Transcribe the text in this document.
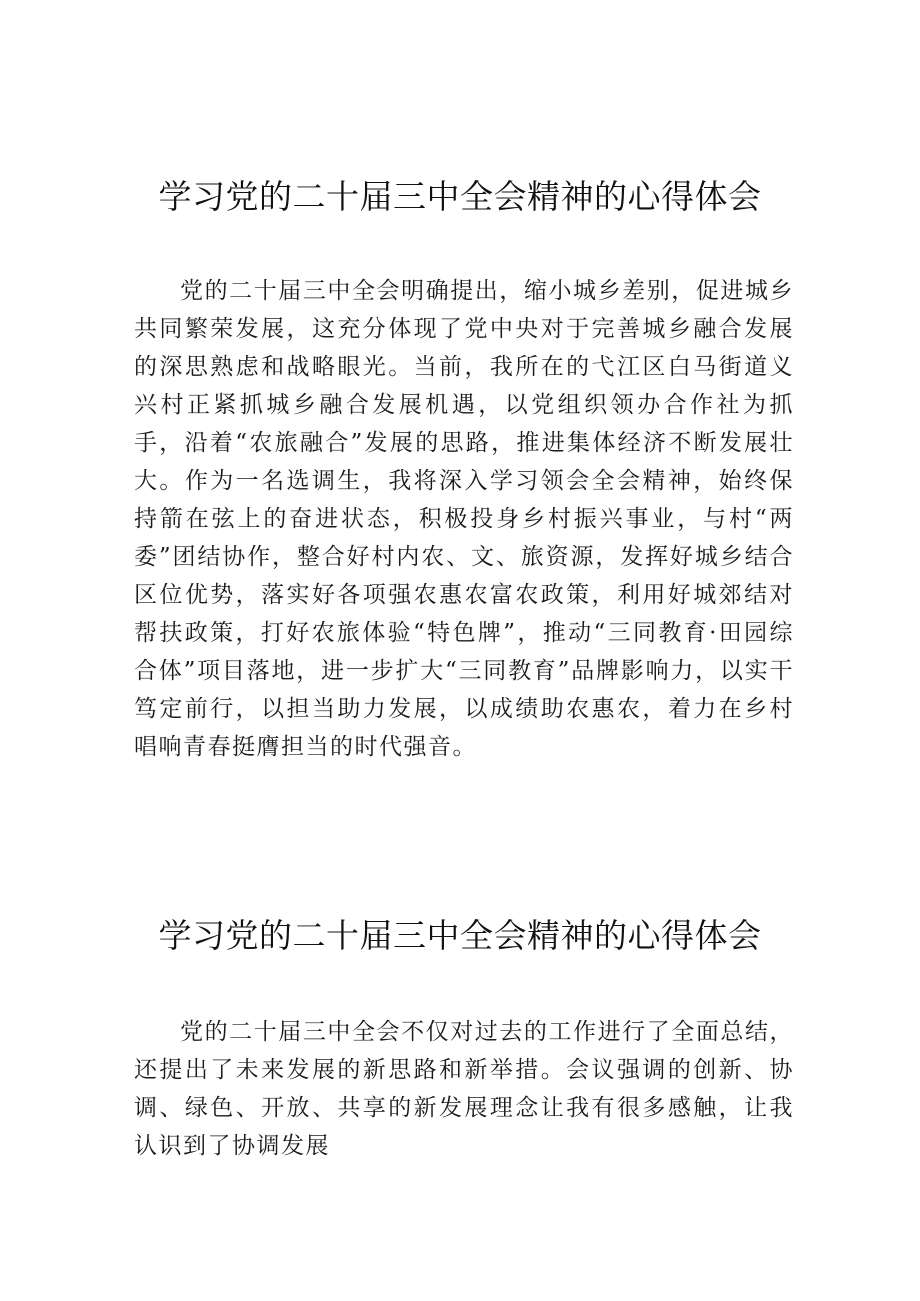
学习党的二十届三中全会精神的心得体会

党的二十届三中全会明确提出，缩小城乡差别，促进城乡共同繁荣发展，这充分体现了党中央对于完善城乡融合发展的深思熟虑和战略眼光。当前，我所在的弋江区白马街道义兴村正紧抓城乡融合发展机遇，以党组织领办合作社为抓手，沿着“农旅融合”发展的思路，推进集体经济不断发展壮大。作为一名选调生，我将深入学习领会全会精神，始终保持箭在弦上的奋进状态，积极投身乡村振兴事业，与村“两委”团结协作，整合好村内农、文、旅资源，发挥好城乡结合区位优势，落实好各项强农惠农富农政策，利用好城郊结对帮扶政策，打好农旅体验“特色牌”，推动“三同教育·田园综合体”项目落地，进一步扩大“三同教育”品牌影响力，以实干笃定前行，以担当助力发展，以成绩助农惠农，着力在乡村唱响青春挺膺担当的时代强音。

学习党的二十届三中全会精神的心得体会

党的二十届三中全会不仅对过去的工作进行了全面总结，还提出了未来发展的新思路和新举措。会议强调的创新、协调、绿色、开放、共享的新发展理念让我有很多感触，让我认识到了协调发展
